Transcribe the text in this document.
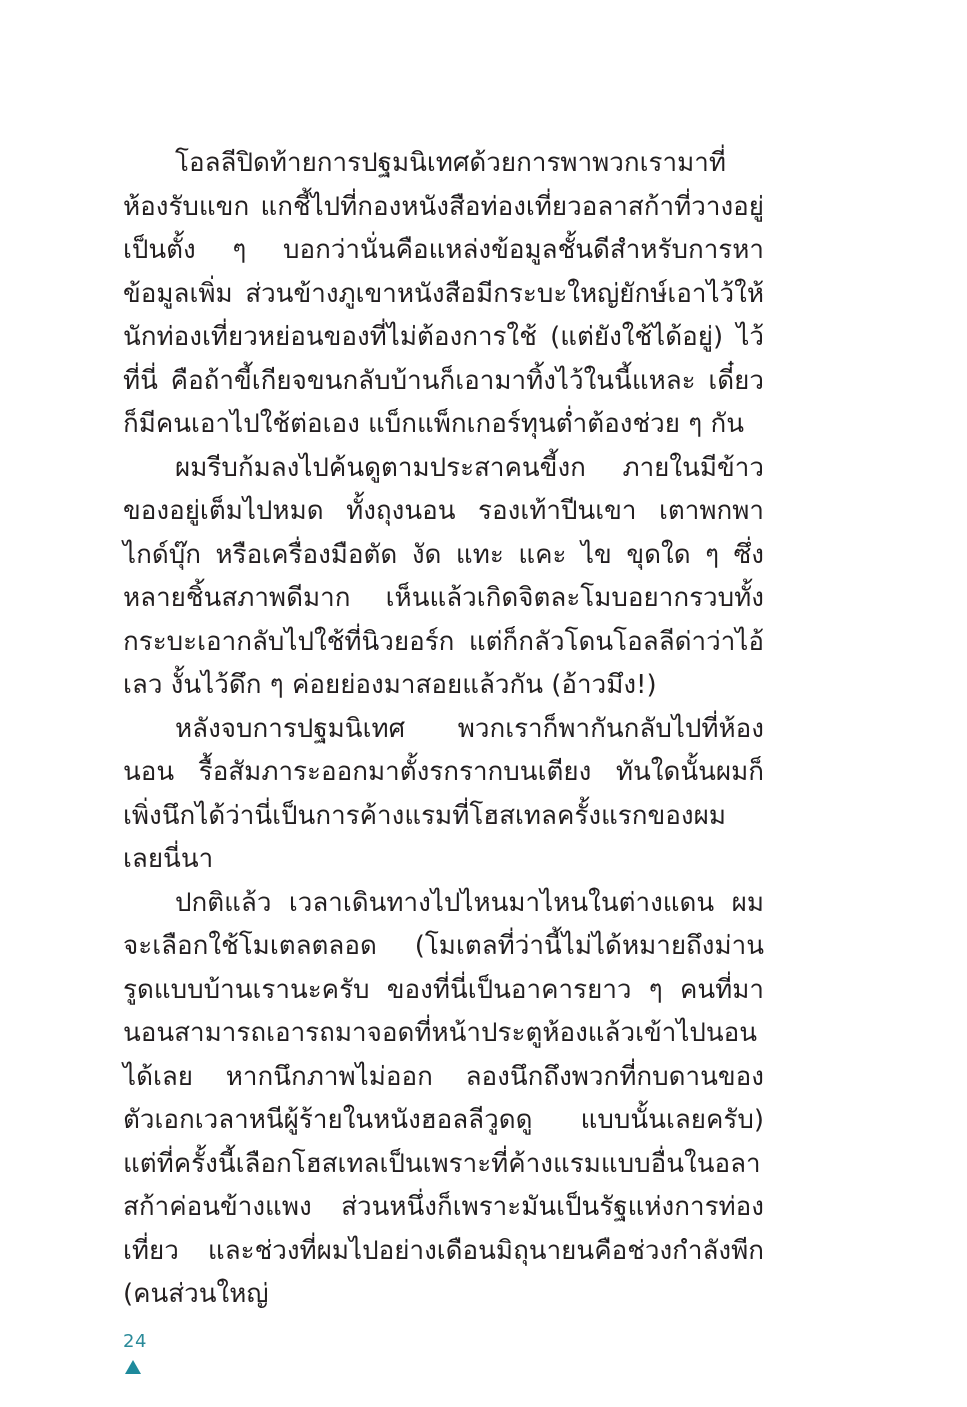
โอลลีปิดท้ายการปฐมนิเทศด้วยการพาพวกเรามาที่ห้องรับแขก แกชี้ไปที่กองหนังสือท่องเที่ยวอลาสก้าที่วางอยู่เป็นตั้ง ๆ บอกว่านั่นคือแหล่งข้อมูลชั้นดีสำหรับการหาข้อมูลเพิ่ม ส่วนข้างภูเขาหนังสือมีกระบะใหญ่ยักษ์เอาไว้ให้นักท่องเที่ยวหย่อนของที่ไม่ต้องการใช้ (แต่ยังใช้ได้อยู่) ไว้ที่นี่ คือถ้าขี้เกียจขนกลับบ้านก็เอามาทิ้งไว้ในนี้แหละ เดี๋ยวก็มีคนเอาไปใช้ต่อเอง แบ็กแพ็กเกอร์ทุนต่ำต้องช่วย ๆ กัน

ผมรีบก้มลงไปค้นดูตามประสาคนขี้งก ภายในมีข้าวของอยู่เต็มไปหมด ทั้งถุงนอน รองเท้าปีนเขา เตาพกพา ไกด์บุ๊ก หรือเครื่องมือตัด งัด แทะ แคะ ไข ขุดใด ๆ ซึ่งหลายชิ้นสภาพดีมาก เห็นแล้วเกิดจิตละโมบอยากรวบทั้งกระบะเอากลับไปใช้ที่นิวยอร์ก แต่ก็กลัวโดนโอลลีด่าว่าไอ้เลว งั้นไว้ดึก ๆ ค่อยย่องมาสอยแล้วกัน (อ้าวมึง!)

หลังจบการปฐมนิเทศ พวกเราก็พากันกลับไปที่ห้องนอน รื้อสัมภาระออกมาตั้งรกรากบนเตียง ทันใดนั้นผมก็เพิ่งนึกได้ว่านี่เป็นการค้างแรมที่โฮสเทลครั้งแรกของผมเลยนี่นา

ปกติแล้ว เวลาเดินทางไปไหนมาไหนในต่างแดน ผมจะเลือกใช้โมเตลตลอด (โมเตลที่ว่านี้ไม่ได้หมายถึงม่านรูดแบบบ้านเรานะครับ ของที่นี่เป็นอาคารยาว ๆ คนที่มานอนสามารถเอารถมาจอดที่หน้าประตูห้องแล้วเข้าไปนอนได้เลย หากนึกภาพไม่ออก ลองนึกถึงพวกที่กบดานของตัวเอกเวลาหนีผู้ร้ายในหนังฮอลลีวูดดู แบบนั้นเลยครับ) แต่ที่ครั้งนี้เลือกโฮสเทลเป็นเพราะที่ค้างแรมแบบอื่นในอลาสก้าค่อนข้างแพง ส่วนหนึ่งก็เพราะมันเป็นรัฐแห่งการท่องเที่ยว และช่วงที่ผมไปอย่างเดือนมิถุนายนคือช่วงกำลังพีก (คนส่วนใหญ่

24
